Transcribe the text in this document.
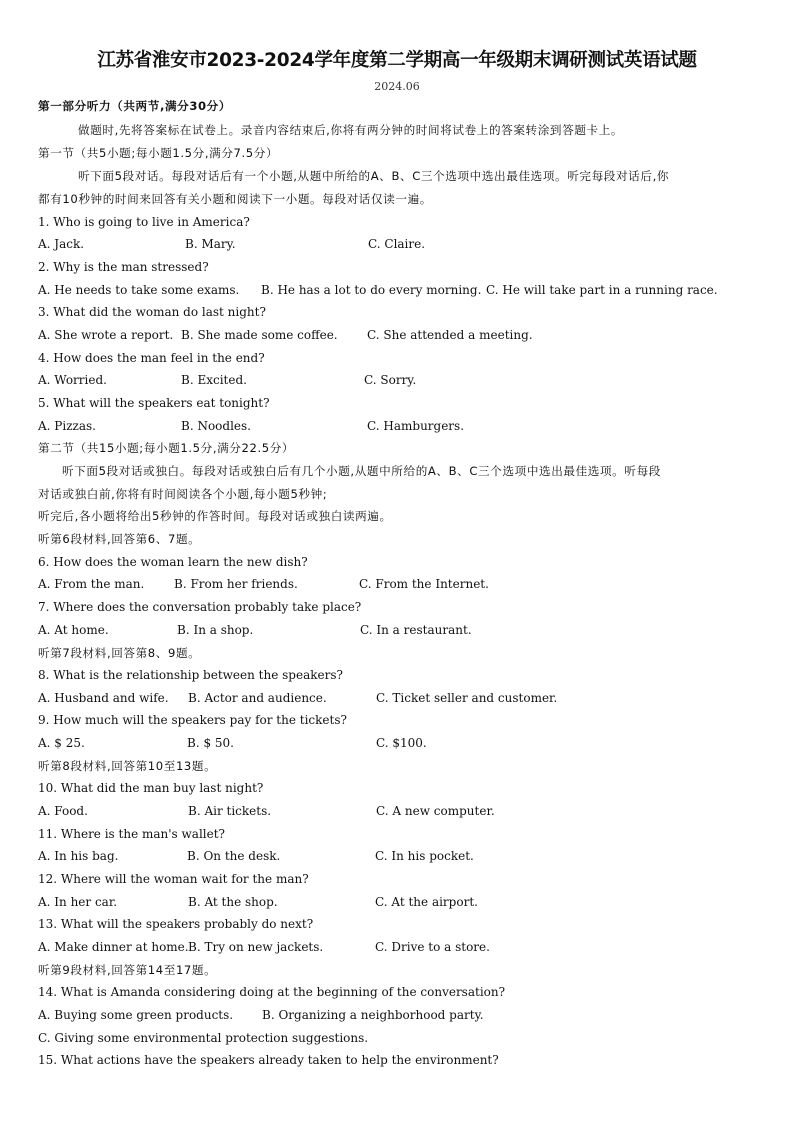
江苏省淮安市2023-2024学年度第二学期高一年级期末调研测试英语试题
2024.06
第一部分听力（共两节,满分30分）
做题时,先将答案标在试卷上。录音内容结束后,你将有两分钟的时间将试卷上的答案转涂到答题卡上。
第一节（共5小题;每小题1.5分,满分7.5分）
听下面5段对话。每段对话后有一个小题,从题中所给的A、B、C三个选项中选出最佳选项。听完每段对话后,你
都有10秒钟的时间来回答有关小题和阅读下一小题。每段对话仅读一遍。
1. Who is going to live in America?
A. Jack.	B. Mary.	C. Claire.
2. Why is the man stressed?
A. He needs to take some exams. B. He has a lot to do every morning. C. He will take part in a running race.
3. What did the woman do last night?
A. She wrote a report. B. She made some coffee. C. She attended a meeting.
4. How does the man feel in the end?
A. Worried.	B. Excited.	C. Sorry.
5. What will the speakers eat tonight?
A. Pizzas.	B. Noodles.	C. Hamburgers.
第二节（共15小题;每小题1.5分,满分22.5分）
听下面5段对话或独白。每段对话或独白后有几个小题,从题中所给的A、B、C三个选项中选出最佳选项。听每段
对话或独白前,你将有时间阅读各个小题,每小题5秒钟;
听完后,各小题将给出5秒钟的作答时间。每段对话或独白读两遍。
听第6段材料,回答第6、7题。
6. How does the woman learn the new dish?
A. From the man. B. From her friends.	C. From the Internet.
7. Where does the conversation probably take place?
A. At home.	B. In a shop.	C. In a restaurant.
听第7段材料,回答第8、9题。
8. What is the relationship between the speakers?
A. Husband and wife. B. Actor and audience.	C. Ticket seller and customer.
9. How much will the speakers pay for the tickets?
A. $ 25.	B. $ 50.	C. $100.
听第8段材料,回答第10至13题。
10. What did the man buy last night?
A. Food.	B. Air tickets.	C. A new computer.
11. Where is the man's wallet?
A. In his bag.	B. On the desk.	C. In his pocket.
12. Where will the woman wait for the man?
A. In her car.	B. At the shop.	C. At the airport.
13. What will the speakers probably do next?
A. Make dinner at home. B. Try on new jackets.	C. Drive to a store.
听第9段材料,回答第14至17题。
14. What is Amanda considering doing at the beginning of the conversation?
A. Buying some green products. B. Organizing a neighborhood party.
C. Giving some environmental protection suggestions.
15. What actions have the speakers already taken to help the environment?
